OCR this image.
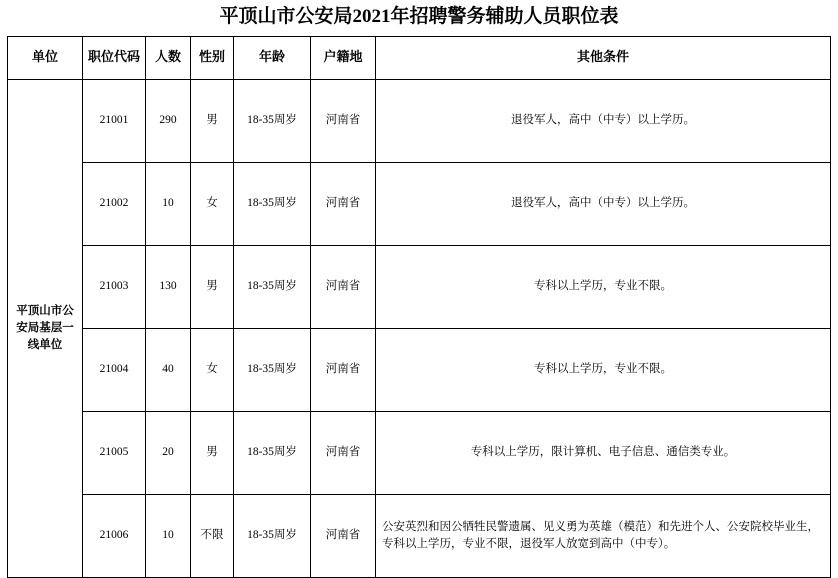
平顶山市公安局2021年招聘警务辅助人员职位表
单位	职位代码	人数	性别	年龄	户籍地	其他条件
平顶山市公安局基层一线单位	21001	290	男	18-35周岁	河南省	退役军人，高中（中专）以上学历。
	21002	10	女	18-35周岁	河南省	退役军人，高中（中专）以上学历。
	21003	130	男	18-35周岁	河南省	专科以上学历，专业不限。
	21004	40	女	18-35周岁	河南省	专科以上学历，专业不限。
	21005	20	男	18-35周岁	河南省	专科以上学历，限计算机、电子信息、通信类专业。
	21006	10	不限	18-35周岁	河南省	公安英烈和因公牺牲民警遗属、见义勇为英雄（模范）和先进个人、公安院校毕业生，专科以上学历，专业不限，退役军人放宽到高中（中专）。
